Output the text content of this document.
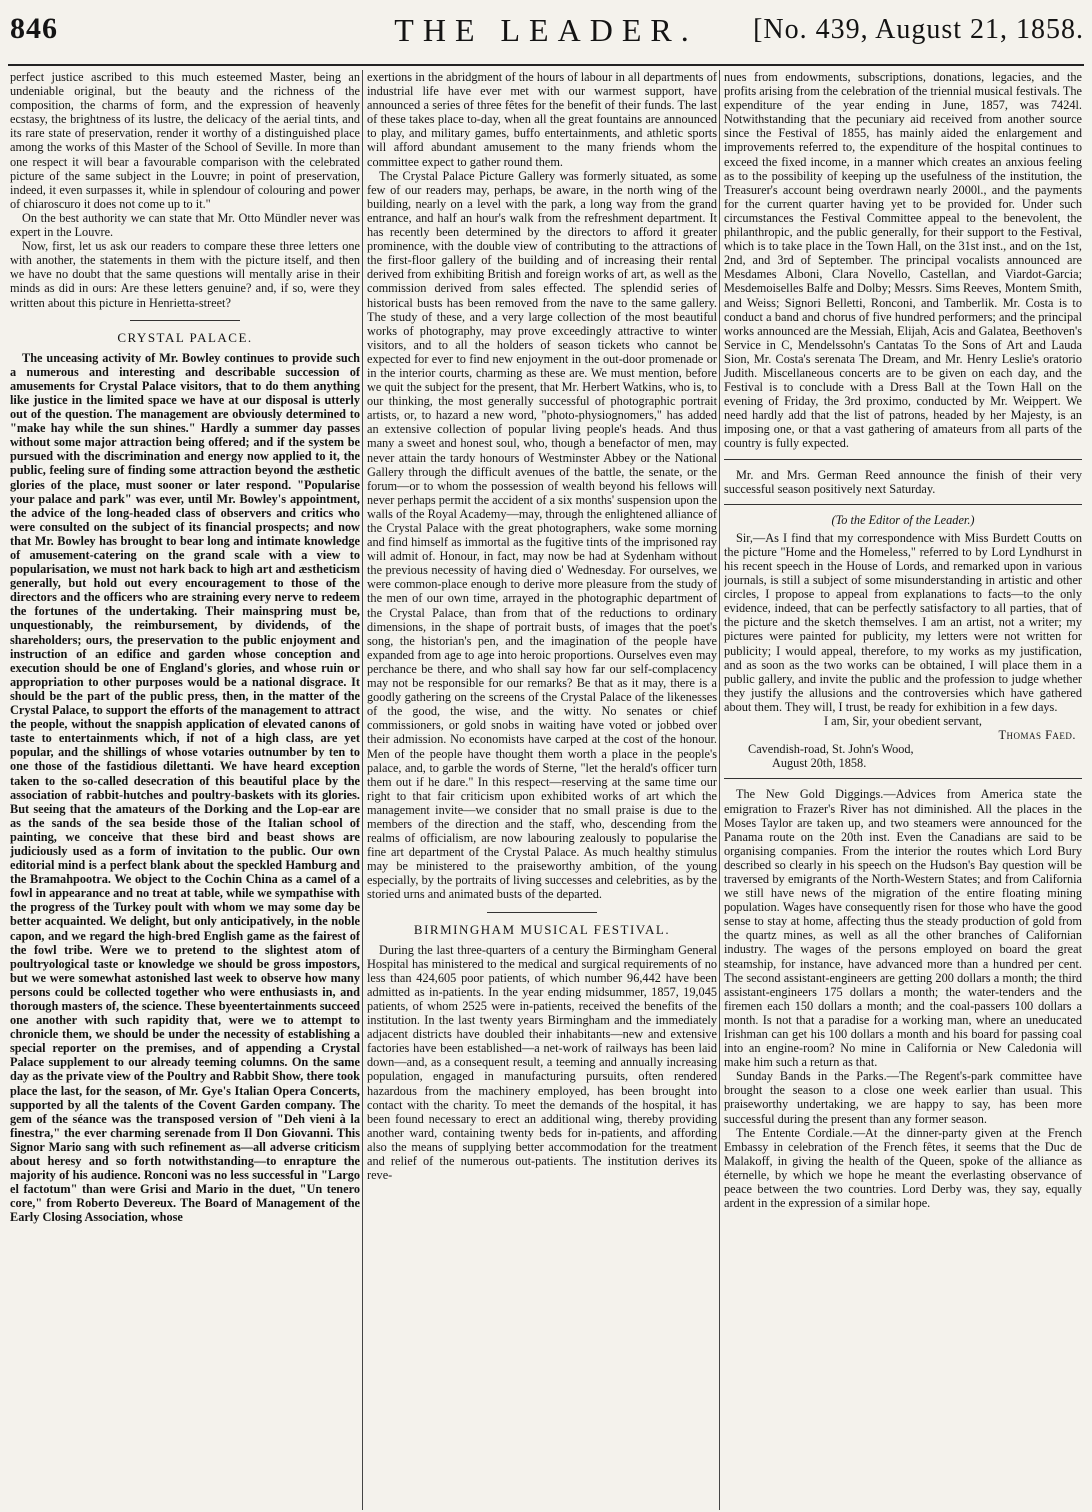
846	THE LEADER.	[No. 439, August 21, 1858.

perfect justice ascribed to this much esteemed Master, being an undeniable original, but the beauty and the richness of the composition, the charms of form, and the expression of heavenly ecstasy, the brightness of its lustre, the delicacy of the aerial tints, and its rare state of preservation, render it worthy of a distinguished place among the works of this Master of the School of Seville. In more than one respect it will bear a favourable comparison with the celebrated picture of the same subject in the Louvre; in point of preservation, indeed, it even surpasses it, while in splendour of colouring and power of chiaroscuro it does not come up to it."

On the best authority we can state that Mr. Otto Mündler never was expert in the Louvre.

Now, first, let us ask our readers to compare these three letters one with another, the statements in them with the picture itself, and then we have no doubt that the same questions will mentally arise in their minds as did in ours: Are these letters genuine? and, if so, were they written about this picture in Henrietta-street?

CRYSTAL PALACE.

The unceasing activity of Mr. Bowley continues to provide such a numerous and interesting and describable succession of amusements for Crystal Palace visitors, that to do them anything like justice in the limited space we have at our disposal is utterly out of the question. The management are obviously determined to "make hay while the sun shines." Hardly a summer day passes without some major attraction being offered; and if the system be pursued with the discrimination and energy now applied to it, the public, feeling sure of finding some attraction beyond the æsthetic glories of the place, must sooner or later respond. "Popularise your palace and park" was ever, until Mr. Bowley's appointment, the advice of the long-headed class of observers and critics who were consulted on the subject of its financial prospects; and now that Mr. Bowley has brought to bear long and intimate knowledge of amusement-catering on the grand scale with a view to popularisation, we must not hark back to high art and æstheticism generally, but hold out every encouragement to those of the directors and the officers who are straining every nerve to redeem the fortunes of the undertaking. Their mainspring must be, unquestionably, the reimbursement, by dividends, of the shareholders; ours, the preservation to the public enjoyment and instruction of an edifice and garden whose conception and execution should be one of England's glories, and whose ruin or appropriation to other purposes would be a national disgrace. It should be the part of the public press, then, in the matter of the Crystal Palace, to support the efforts of the management to attract the people, without the snappish application of elevated canons of taste to entertainments which, if not of a high class, are yet popular, and the shillings of whose votaries outnumber by ten to one those of the fastidious dilettanti. We have heard exception taken to the so-called desecration of this beautiful place by the association of rabbit-hutches and poultry-baskets with its glories. But seeing that the amateurs of the Dorking and the Lop-ear are as the sands of the sea beside those of the Italian school of painting, we conceive that these bird and beast shows are judiciously used as a form of invitation to the public. Our own editorial mind is a perfect blank about the speckled Hamburg and the Bramahpootra. We object to the Cochin China as a camel of a fowl in appearance and no treat at table, while we sympathise with the progress of the Turkey poult with whom we may some day be better acquainted. We delight, but only anticipatively, in the noble capon, and we regard the high-bred English game as the fairest of the fowl tribe. Were we to pretend to the slightest atom of poultryological taste or knowledge we should be gross impostors, but we were somewhat astonished last week to observe how many persons could be collected together who were enthusiasts in, and thorough masters of, the science. These byeentertainments succeed one another with such rapidity that, were we to attempt to chronicle them, we should be under the necessity of establishing a special reporter on the premises, and of appending a Crystal Palace supplement to our already teeming columns. On the same day as the private view of the Poultry and Rabbit Show, there took place the last, for the season, of Mr. Gye's Italian Opera Concerts, supported by all the talents of the Covent Garden company. The gem of the séance was the transposed version of "Deh vieni à la finestra," the ever charming serenade from Il Don Giovanni. This Signor Mario sang with such refinement as—all adverse criticism about heresy and so forth notwithstanding—to enrapture the majority of his audience. Ronconi was no less successful in "Largo el factotum" than were Grisi and Mario in the duet, "Un tenero core," from Roberto Devereux. The Board of Management of the Early Closing Association, whose

exertions in the abridgment of the hours of labour in all departments of industrial life have ever met with our warmest support, have announced a series of three fêtes for the benefit of their funds. The last of these takes place to-day, when all the great fountains are announced to play, and military games, buffo entertainments, and athletic sports will afford abundant amusement to the many friends whom the committee expect to gather round them.

The Crystal Palace Picture Gallery was formerly situated, as some few of our readers may, perhaps, be aware, in the north wing of the building, nearly on a level with the park, a long way from the grand entrance, and half an hour's walk from the refreshment department. It has recently been determined by the directors to afford it greater prominence, with the double view of contributing to the attractions of the first-floor gallery of the building and of increasing their rental derived from exhibiting British and foreign works of art, as well as the commission derived from sales effected. The splendid series of historical busts has been removed from the nave to the same gallery. The study of these, and a very large collection of the most beautiful works of photography, may prove exceedingly attractive to winter visitors, and to all the holders of season tickets who cannot be expected for ever to find new enjoyment in the out-door promenade or in the interior courts, charming as these are. We must mention, before we quit the subject for the present, that Mr. Herbert Watkins, who is, to our thinking, the most generally successful of photographic portrait artists, or, to hazard a new word, "photo-physiognomers," has added an extensive collection of popular living people's heads. And thus many a sweet and honest soul, who, though a benefactor of men, may never attain the tardy honours of Westminster Abbey or the National Gallery through the difficult avenues of the battle, the senate, or the forum—or to whom the possession of wealth beyond his fellows will never perhaps permit the accident of a six months' suspension upon the walls of the Royal Academy—may, through the enlightened alliance of the Crystal Palace with the great photographers, wake some morning and find himself as immortal as the fugitive tints of the imprisoned ray will admit of. Honour, in fact, may now be had at Sydenham without the previous necessity of having died o' Wednesday. For ourselves, we were common-place enough to derive more pleasure from the study of the men of our own time, arrayed in the photographic department of the Crystal Palace, than from that of the reductions to ordinary dimensions, in the shape of portrait busts, of images that the poet's song, the historian's pen, and the imagination of the people have expanded from age to age into heroic proportions. Ourselves even may perchance be there, and who shall say how far our self-complacency may not be responsible for our remarks? Be that as it may, there is a goodly gathering on the screens of the Crystal Palace of the likenesses of the good, the wise, and the witty. No senates or chief commissioners, or gold snobs in waiting have voted or jobbed over their admission. No economists have carped at the cost of the honour. Men of the people have thought them worth a place in the people's palace, and, to garble the words of Sterne, "let the herald's officer turn them out if he dare." In this respect—reserving at the same time our right to that fair criticism upon exhibited works of art which the management invite—we consider that no small praise is due to the members of the direction and the staff, who, descending from the realms of officialism, are now labouring zealously to popularise the fine art department of the Crystal Palace. As much healthy stimulus may be ministered to the praiseworthy ambition, of the young especially, by the portraits of living successes and celebrities, as by the storied urns and animated busts of the departed.

BIRMINGHAM MUSICAL FESTIVAL.

During the last three-quarters of a century the Birmingham General Hospital has ministered to the medical and surgical requirements of no less than 424,605 poor patients, of which number 96,442 have been admitted as in-patients. In the year ending midsummer, 1857, 19,045 patients, of whom 2525 were in-patients, received the benefits of the institution. In the last twenty years Birmingham and the immediately adjacent districts have doubled their inhabitants—new and extensive factories have been established—a net-work of railways has been laid down—and, as a consequent result, a teeming and annually increasing population, engaged in manufacturing pursuits, often rendered hazardous from the machinery employed, has been brought into contact with the charity. To meet the demands of the hospital, it has been found necessary to erect an additional wing, thereby providing another ward, containing twenty beds for in-patients, and affording also the means of supplying better accommodation for the treatment and relief of the numerous out-patients. The institution derives its reve-

nues from endowments, subscriptions, donations, legacies, and the profits arising from the celebration of the triennial musical festivals. The expenditure of the year ending in June, 1857, was 7424l. Notwithstanding that the pecuniary aid received from another source since the Festival of 1855, has mainly aided the enlargement and improvements referred to, the expenditure of the hospital continues to exceed the fixed income, in a manner which creates an anxious feeling as to the possibility of keeping up the usefulness of the institution, the Treasurer's account being overdrawn nearly 2000l., and the payments for the current quarter having yet to be provided for. Under such circumstances the Festival Committee appeal to the benevolent, the philanthropic, and the public generally, for their support to the Festival, which is to take place in the Town Hall, on the 31st inst., and on the 1st, 2nd, and 3rd of September. The principal vocalists announced are Mesdames Alboni, Clara Novello, Castellan, and Viardot-Garcia; Mesdemoiselles Balfe and Dolby; Messrs. Sims Reeves, Montem Smith, and Weiss; Signori Belletti, Ronconi, and Tamberlik. Mr. Costa is to conduct a band and chorus of five hundred performers; and the principal works announced are the Messiah, Elijah, Acis and Galatea, Beethoven's Service in C, Mendelssohn's Cantatas To the Sons of Art and Lauda Sion, Mr. Costa's serenata The Dream, and Mr. Henry Leslie's oratorio Judith. Miscellaneous concerts are to be given on each day, and the Festival is to conclude with a Dress Ball at the Town Hall on the evening of Friday, the 3rd proximo, conducted by Mr. Weippert. We need hardly add that the list of patrons, headed by her Majesty, is an imposing one, or that a vast gathering of amateurs from all parts of the country is fully expected.

Mr. and Mrs. German Reed announce the finish of their very successful season positively next Saturday.

(To the Editor of the Leader.)

Sir,—As I find that my correspondence with Miss Burdett Coutts on the picture "Home and the Homeless," referred to by Lord Lyndhurst in his recent speech in the House of Lords, and remarked upon in various journals, is still a subject of some misunderstanding in artistic and other circles, I propose to appeal from explanations to facts—to the only evidence, indeed, that can be perfectly satisfactory to all parties, that of the picture and the sketch themselves. I am an artist, not a writer; my pictures were painted for publicity, my letters were not written for publicity; I would appeal, therefore, to my works as my justification, and as soon as the two works can be obtained, I will place them in a public gallery, and invite the public and the profession to judge whether they justify the allusions and the controversies which have gathered about them. They will, I trust, be ready for exhibition in a few days.

I am, Sir, your obedient servant,
Thomas Faed.
Cavendish-road, St. John's Wood,
August 20th, 1858.

The New Gold Diggings.—Advices from America state the emigration to Frazer's River has not diminished. All the places in the Moses Taylor are taken up, and two steamers were announced for the Panama route on the 20th inst. Even the Canadians are said to be organising companies. From the interior the routes which Lord Bury described so clearly in his speech on the Hudson's Bay question will be traversed by emigrants of the North-Western States; and from California we still have news of the migration of the entire floating mining population. Wages have consequently risen for those who have the good sense to stay at home, affecting thus the steady production of gold from the quartz mines, as well as all the other branches of Californian industry. The wages of the persons employed on board the great steamship, for instance, have advanced more than a hundred per cent. The second assistant-engineers are getting 200 dollars a month; the third assistant-engineers 175 dollars a month; the water-tenders and the firemen each 150 dollars a month; and the coal-passers 100 dollars a month. Is not that a paradise for a working man, where an uneducated Irishman can get his 100 dollars a month and his board for passing coal into an engine-room? No mine in California or New Caledonia will make him such a return as that.

Sunday Bands in the Parks.—The Regent's-park committee have brought the season to a close one week earlier than usual. This praiseworthy undertaking, we are happy to say, has been more successful during the present than any former season.

The Entente Cordiale.—At the dinner-party given at the French Embassy in celebration of the French fêtes, it seems that the Duc de Malakoff, in giving the health of the Queen, spoke of the alliance as éternelle, by which we hope he meant the everlasting observance of peace between the two countries. Lord Derby was, they say, equally ardent in the expression of a similar hope.
